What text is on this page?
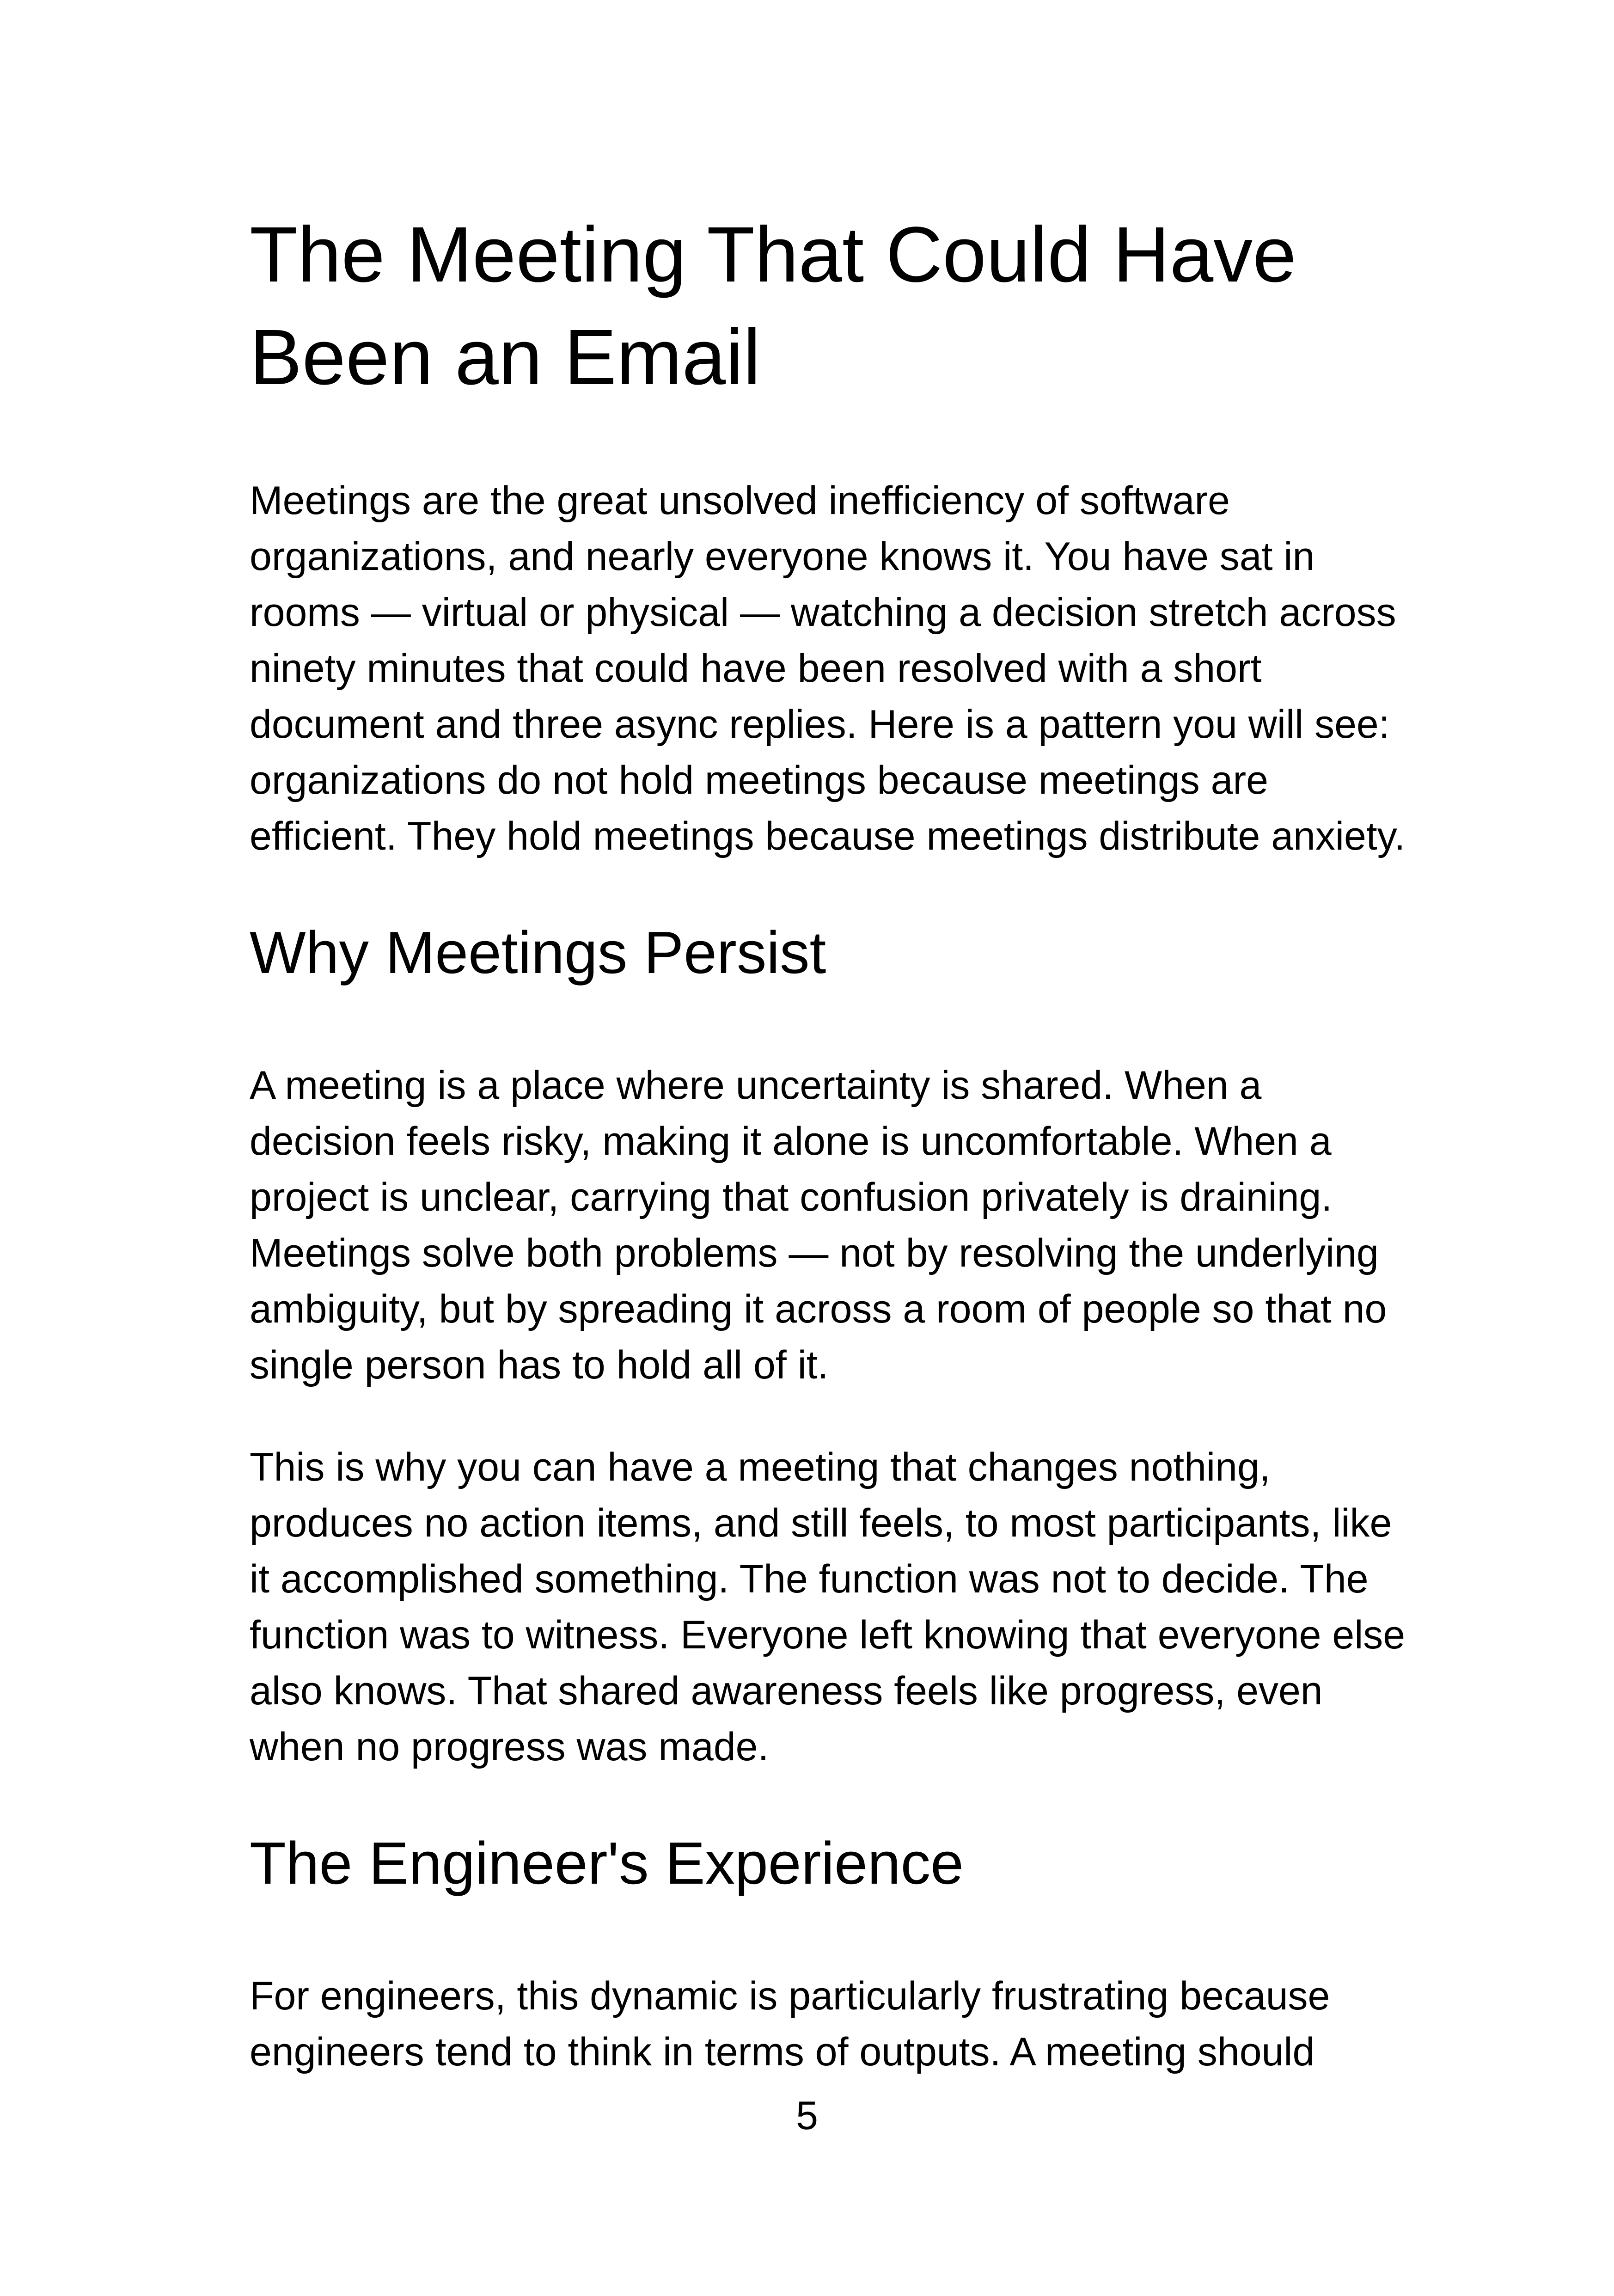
The Meeting That Could Have Been an Email

Meetings are the great unsolved inefficiency of software organizations, and nearly everyone knows it. You have sat in rooms — virtual or physical — watching a decision stretch across ninety minutes that could have been resolved with a short document and three async replies. Here is a pattern you will see: organizations do not hold meetings because meetings are efficient. They hold meetings because meetings distribute anxiety.

Why Meetings Persist

A meeting is a place where uncertainty is shared. When a decision feels risky, making it alone is uncomfortable. When a project is unclear, carrying that confusion privately is draining. Meetings solve both problems — not by resolving the underlying ambiguity, but by spreading it across a room of people so that no single person has to hold all of it.

This is why you can have a meeting that changes nothing, produces no action items, and still feels, to most participants, like it accomplished something. The function was not to decide. The function was to witness. Everyone left knowing that everyone else also knows. That shared awareness feels like progress, even when no progress was made.

The Engineer's Experience

For engineers, this dynamic is particularly frustrating because engineers tend to think in terms of outputs. A meeting should

5
